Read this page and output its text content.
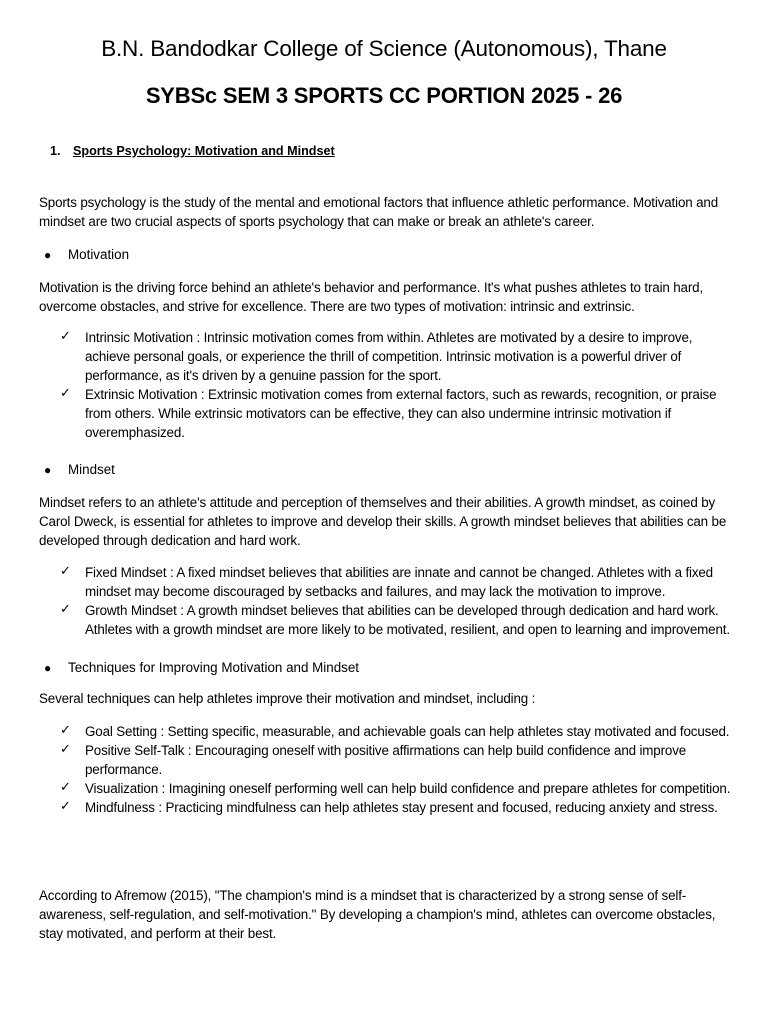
B.N. Bandodkar College of Science (Autonomous), Thane
SYBSc SEM 3 SPORTS CC PORTION 2025 - 26
1. Sports Psychology: Motivation and Mindset
Sports psychology is the study of the mental and emotional factors that influence athletic performance. Motivation and mindset are two crucial aspects of sports psychology that can make or break an athlete's career.
● Motivation
Motivation is the driving force behind an athlete's behavior and performance. It's what pushes athletes to train hard, overcome obstacles, and strive for excellence. There are two types of motivation: intrinsic and extrinsic.
✓ Intrinsic Motivation : Intrinsic motivation comes from within. Athletes are motivated by a desire to improve, achieve personal goals, or experience the thrill of competition. Intrinsic motivation is a powerful driver of performance, as it's driven by a genuine passion for the sport.
✓ Extrinsic Motivation : Extrinsic motivation comes from external factors, such as rewards, recognition, or praise from others. While extrinsic motivators can be effective, they can also undermine intrinsic motivation if overemphasized.
● Mindset
Mindset refers to an athlete's attitude and perception of themselves and their abilities. A growth mindset, as coined by Carol Dweck, is essential for athletes to improve and develop their skills. A growth mindset believes that abilities can be developed through dedication and hard work.
✓ Fixed Mindset : A fixed mindset believes that abilities are innate and cannot be changed. Athletes with a fixed mindset may become discouraged by setbacks and failures, and may lack the motivation to improve.
✓ Growth Mindset : A growth mindset believes that abilities can be developed through dedication and hard work. Athletes with a growth mindset are more likely to be motivated, resilient, and open to learning and improvement.
● Techniques for Improving Motivation and Mindset
Several techniques can help athletes improve their motivation and mindset, including :
✓ Goal Setting : Setting specific, measurable, and achievable goals can help athletes stay motivated and focused.
✓ Positive Self-Talk : Encouraging oneself with positive affirmations can help build confidence and improve performance.
✓ Visualization : Imagining oneself performing well can help build confidence and prepare athletes for competition.
✓ Mindfulness : Practicing mindfulness can help athletes stay present and focused, reducing anxiety and stress.
According to Afremow (2015), "The champion's mind is a mindset that is characterized by a strong sense of self-awareness, self-regulation, and self-motivation." By developing a champion's mind, athletes can overcome obstacles, stay motivated, and perform at their best.
